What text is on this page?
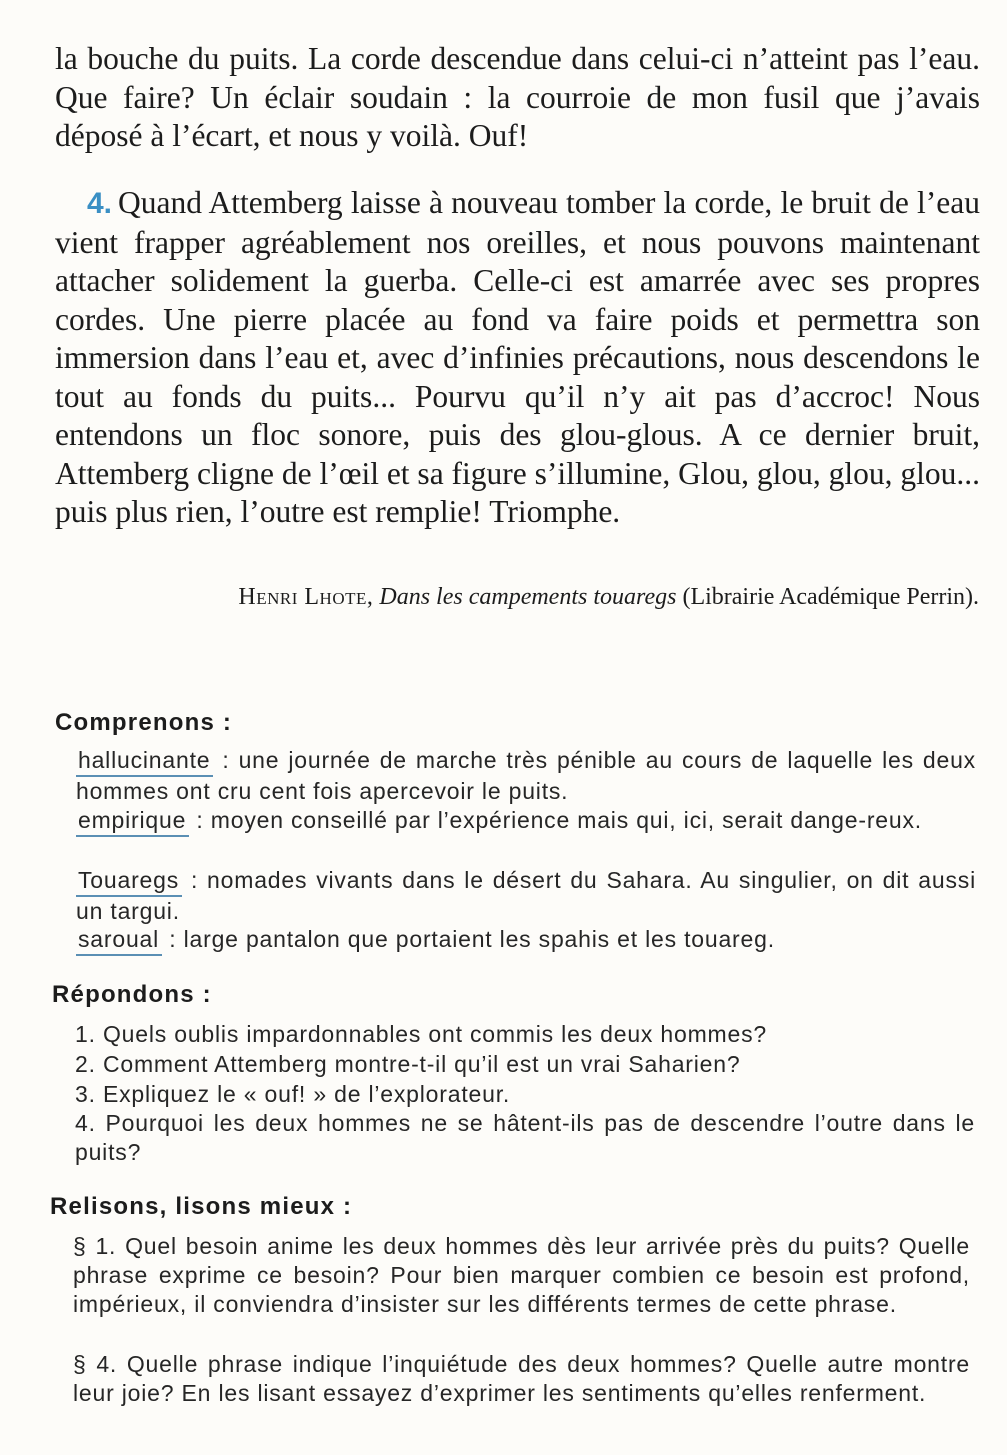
la bouche du puits. La corde descendue dans celui-ci n’atteint pas l’eau. Que faire? Un éclair soudain : la courroie de mon fusil que j’avais déposé à l’écart, et nous y voilà. Ouf!
4. Quand Attemberg laisse à nouveau tomber la corde, le bruit de l’eau vient frapper agréablement nos oreilles, et nous pouvons maintenant attacher solidement la guerba. Celle-ci est amarrée avec ses propres cordes. Une pierre placée au fond va faire poids et permettra son immersion dans l’eau et, avec d’infinies précautions, nous descendons le tout au fonds du puits... Pourvu qu’il n’y ait pas d’accroc! Nous entendons un floc sonore, puis des glou-glous. A ce dernier bruit, Attemberg cligne de l’œil et sa figure s’illumine, Glou, glou, glou, glou... puis plus rien, l’outre est remplie! Triomphe.
Henri Lhote, Dans les campements touaregs (Librairie Académique Perrin).
Comprenons :
hallucinante : une journée de marche très pénible au cours de laquelle les deux hommes ont cru cent fois apercevoir le puits.
empirique : moyen conseillé par l’expérience mais qui, ici, serait dange-reux.
Touaregs : nomades vivants dans le désert du Sahara. Au singulier, on dit aussi un targui.
saroual : large pantalon que portaient les spahis et les touareg.
Répondons :
1. Quels oublis impardonnables ont commis les deux hommes?
2. Comment Attemberg montre-t-il qu’il est un vrai Saharien?
3. Expliquez le « ouf! » de l’explorateur.
4. Pourquoi les deux hommes ne se hâtent-ils pas de descendre l’outre dans le puits?
Relisons, lisons mieux :
§ 1. Quel besoin anime les deux hommes dès leur arrivée près du puits? Quelle phrase exprime ce besoin? Pour bien marquer combien ce besoin est profond, impérieux, il conviendra d’insister sur les différents termes de cette phrase.
§ 4. Quelle phrase indique l’inquiétude des deux hommes? Quelle autre montre leur joie? En les lisant essayez d’exprimer les sentiments qu’elles renferment.
